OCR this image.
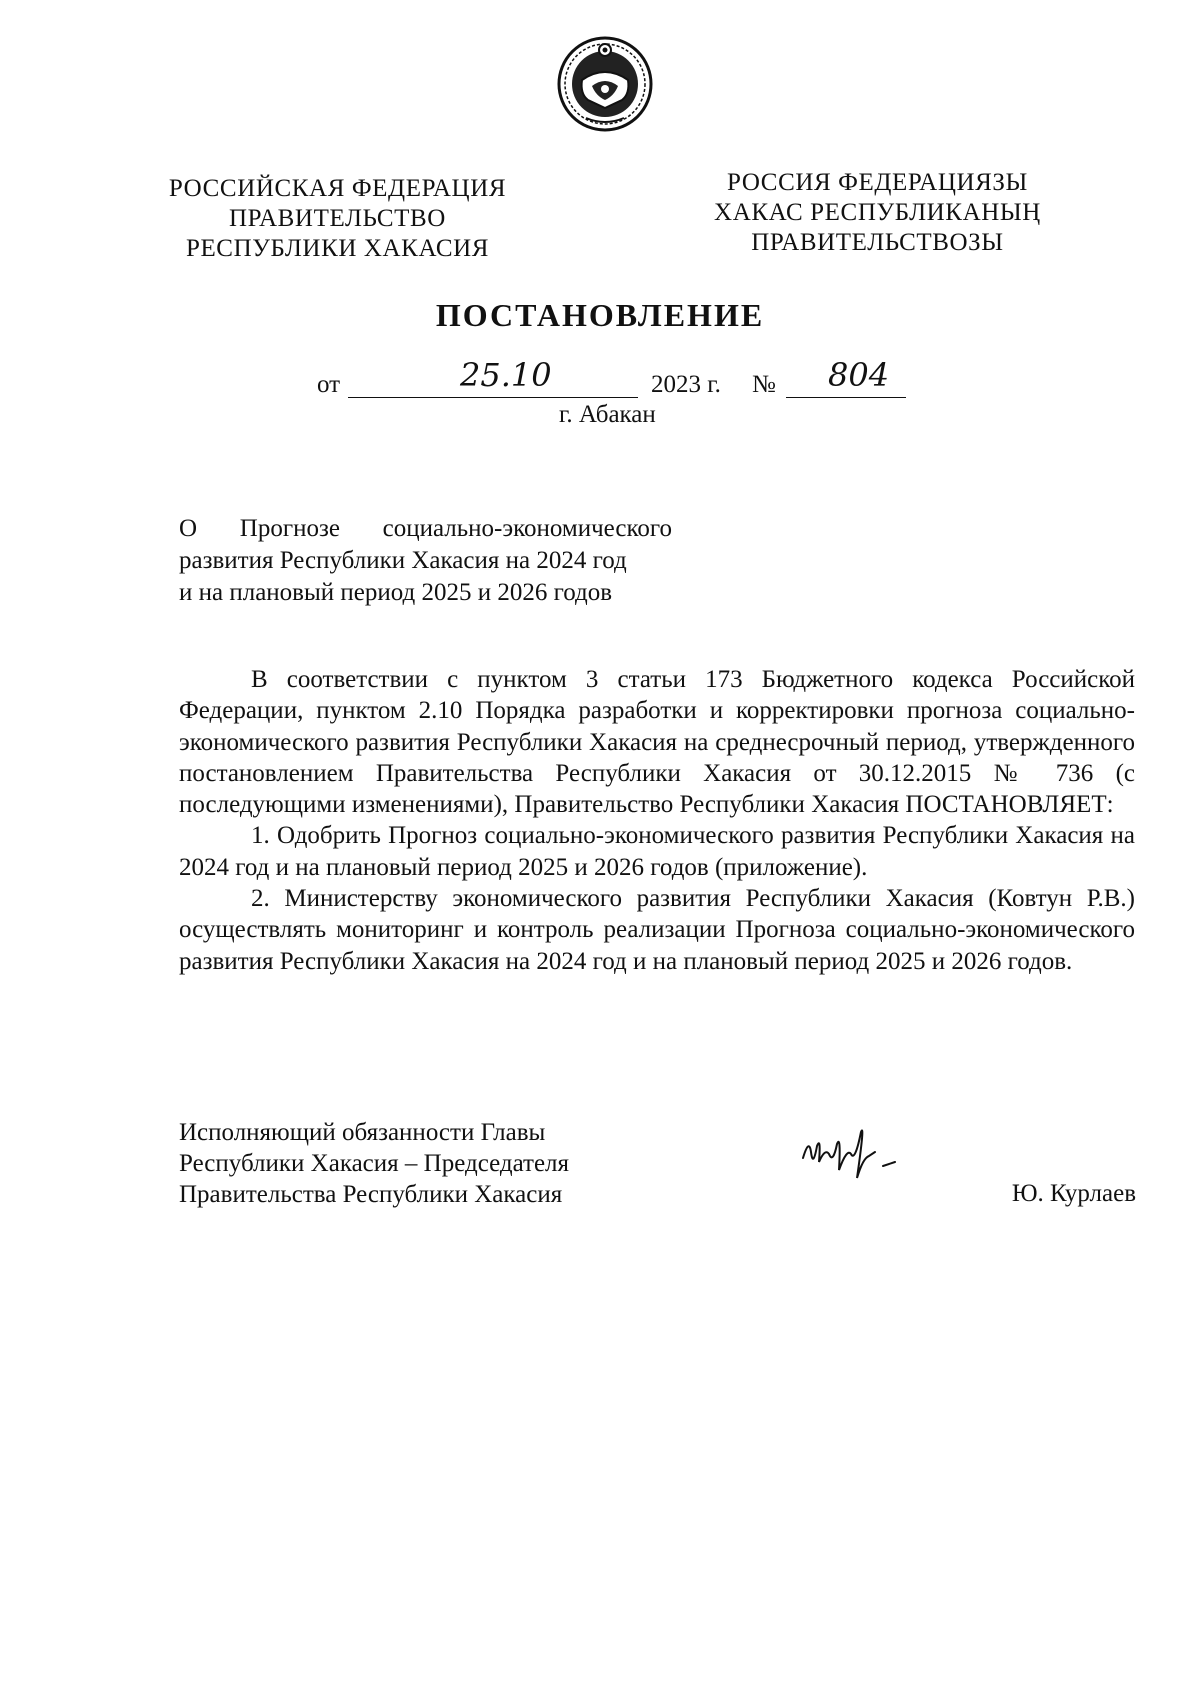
РОССИЙСКАЯ ФЕДЕРАЦИЯ
ПРАВИТЕЛЬСТВО
РЕСПУБЛИКИ ХАКАСИЯ
РОССИЯ ФЕДЕРАЦИЯЗЫ
ХАКАС РЕСПУБЛИКАНЫҢ
ПРАВИТЕЛЬСТВОЗЫ
ПОСТАНОВЛЕНИЕ
от	25.10	2023 г. № 804
г. Абакан
О Прогнозе социально-экономического
развития Республики Хакасия на 2024 год
и на плановый период 2025 и 2026 годов

В соответствии с пунктом 3 статьи 173 Бюджетного кодекса Российской Федерации, пунктом 2.10 Порядка разработки и корректировки прогноза социально-экономического развития Республики Хакасия на среднесрочный период, утвержденного постановлением Правительства Республики Хакасия от 30.12.2015 № 736 (с последующими изменениями), Правительство Республики Хакасия ПОСТАНОВЛЯЕТ:

1. Одобрить Прогноз социально-экономического развития Республики Хакасия на 2024 год и на плановый период 2025 и 2026 годов (приложение).

2. Министерству экономического развития Республики Хакасия (Ковтун Р.В.) осуществлять мониторинг и контроль реализации Прогноза социально-экономического развития Республики Хакасия на 2024 год и на плановый период 2025 и 2026 годов.

Исполняющий обязанности Главы
Республики Хакасия – Председателя
Правительства Республики Хакасия	Ю. Курлаев
